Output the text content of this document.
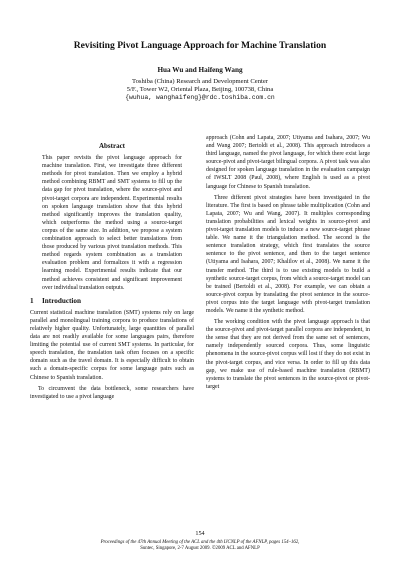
Revisiting Pivot Language Approach for Machine Translation
Hua Wu and Haifeng Wang
Toshiba (China) Research and Development Center
5/F., Tower W2, Oriental Plaza, Beijing, 100738, China
{wuhua, wanghaifeng}@rdc.toshiba.com.cn
Abstract

This paper revisits the pivot language approach for machine translation. First, we investigate three different methods for pivot translation. Then we employ a hybrid method combining RBMT and SMT systems to fill up the data gap for pivot translation, where the source-pivot and pivot-target corpora are independent. Experimental results on spoken language translation show that this hybrid method significantly improves the translation quality, which outperforms the method using a source-target corpus of the same size. In addition, we propose a system combination approach to select better translations from those produced by various pivot translation methods. This method regards system combination as a translation evaluation problem and formalizes it with a regression learning model. Experimental results indicate that our method achieves consistent and significant improvement over individual translation outputs.

1 Introduction

Current statistical machine translation (SMT) systems rely on large parallel and monolingual training corpora to produce translations of relatively higher quality. Unfortunately, large quantities of parallel data are not readily available for some languages pairs, therefore limiting the potential use of current SMT systems. In particular, for speech translation, the translation task often focuses on a specific domain such as the travel domain. It is especially difficult to obtain such a domain-specific corpus for some language pairs such as Chinese to Spanish translation.

To circumvent the data bottleneck, some researchers have investigated to use a pivot language

approach (Cohn and Lapata, 2007; Utiyama and Isahara, 2007; Wu and Wang 2007; Bertoldi et al., 2008). This approach introduces a third language, named the pivot language, for which there exist large source-pivot and pivot-target bilingual corpora. A pivot task was also designed for spoken language translation in the evaluation campaign of IWSLT 2008 (Paul, 2008), where English is used as a pivot language for Chinese to Spanish translation.

Three different pivot strategies have been investigated in the literature. The first is based on phrase table multiplication (Cohn and Lapata, 2007; Wu and Wang, 2007). It multiples corresponding translation probabilities and lexical weights in source-pivot and pivot-target translation models to induce a new source-target phrase table. We name it the triangulation method. The second is the sentence translation strategy, which first translates the source sentence to the pivot sentence, and then to the target sentence (Utiyama and Isahara, 2007; Khalilov et al., 2008). We name it the transfer method. The third is to use existing models to build a synthetic source-target corpus, from which a source-target model can be trained (Bertoldi et al., 2008). For example, we can obtain a source-pivot corpus by translating the pivot sentence in the source-pivot corpus into the target language with pivot-target translation models. We name it the synthetic method.

The working condition with the pivot language approach is that the source-pivot and pivot-target parallel corpora are independent, in the sense that they are not derived from the same set of sentences, namely independently sourced corpora. Thus, some linguistic phenomena in the source-pivot corpus will lost if they do not exist in the pivot-target corpus, and vice versa. In order to fill up this data gap, we make use of rule-based machine translation (RBMT) systems to translate the pivot sentences in the source-pivot or pivot-target

154
Proceedings of the 47th Annual Meeting of the ACL and the 4th IJCNLP of the AFNLP, pages 154–162,
Suntec, Singapore, 2-7 August 2009. ©2009 ACL and AFNLP
